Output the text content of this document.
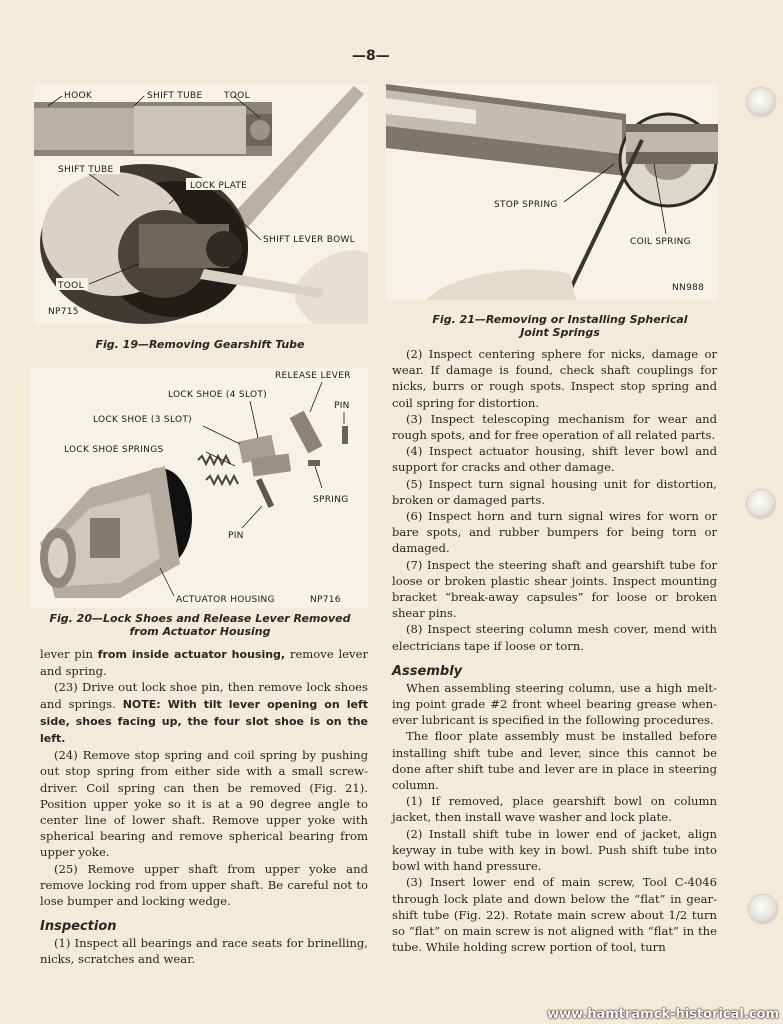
—8—
HOOK	SHIFT TUBE TOOL
SHIFT TUBE
LOCK PLATE
SHIFT LEVER BOWL
TOOL
NP715
Fig. 19—Removing Gearshift Tube
RELEASE LEVER
LOCK SHOE (4 SLOT)
PIN
LOCK SHOE (3 SLOT)
LOCK SHOE SPRINGS
SPRING
PIN
ACTUATOR HOUSING	NP716
Fig. 20—Lock Shoes and Release Lever Removed
from Actuator Housing
STOP SPRING
COIL SPRING
NN988
Fig. 21—Removing or Installing Spherical
Joint Springs

lever pin from inside actuator housing, remove lever and spring.

(23) Drive out lock shoe pin, then remove lock shoes and springs. NOTE: With tilt lever opening on left side, shoes facing up, the four slot shoe is on the left.

(24) Remove stop spring and coil spring by pushing out stop spring from either side with a small screwdriver. Coil spring can then be removed (Fig. 21). Position upper yoke so it is at a 90 degree angle to center line of lower shaft. Remove upper yoke with spherical bearing and remove spherical bearing from upper yoke.

(25) Remove upper shaft from upper yoke and remove locking rod from upper shaft. Be careful not to lose bumper and locking wedge.

Inspection

(1) Inspect all bearings and race seats for brinelling, nicks, scratches and wear.

(2) Inspect centering sphere for nicks, damage or wear. If damage is found, check shaft couplings for nicks, burrs or rough spots. Inspect stop spring and coil spring for distortion.

(3) Inspect telescoping mechanism for wear and rough spots, and for free operation of all related parts.

(4) Inspect actuator housing, shift lever bowl and support for cracks and other damage.

(5) Inspect turn signal housing unit for distortion, broken or damaged parts.

(6) Inspect horn and turn signal wires for worn or bare spots, and rubber bumpers for being torn or damaged.

(7) Inspect the steering shaft and gearshift tube for loose or broken plastic shear joints. Inspect mounting bracket “break-away capsules” for loose or broken shear pins.

(8) Inspect steering column mesh cover, mend with electricians tape if loose or torn.

Assembly

When assembling steering column, use a high melting point grade #2 front wheel bearing grease whenever lubricant is specified in the following procedures.

The floor plate assembly must be installed before installing shift tube and lever, since this cannot be done after shift tube and lever are in place in steering column.

(1) If removed, place gearshift bowl on column jacket, then install wave washer and lock plate.

(2) Install shift tube in lower end of jacket, align keyway in tube with key in bowl. Push shift tube into bowl with hand pressure.

(3) Insert lower end of main screw, Tool C-4046 through lock plate and down below the “flat” in gearshift tube (Fig. 22). Rotate main screw about 1/2 turn so “flat” on main screw is not aligned with “flat” in the tube. While holding screw portion of tool, turn

www.hamtramck-historical.com
